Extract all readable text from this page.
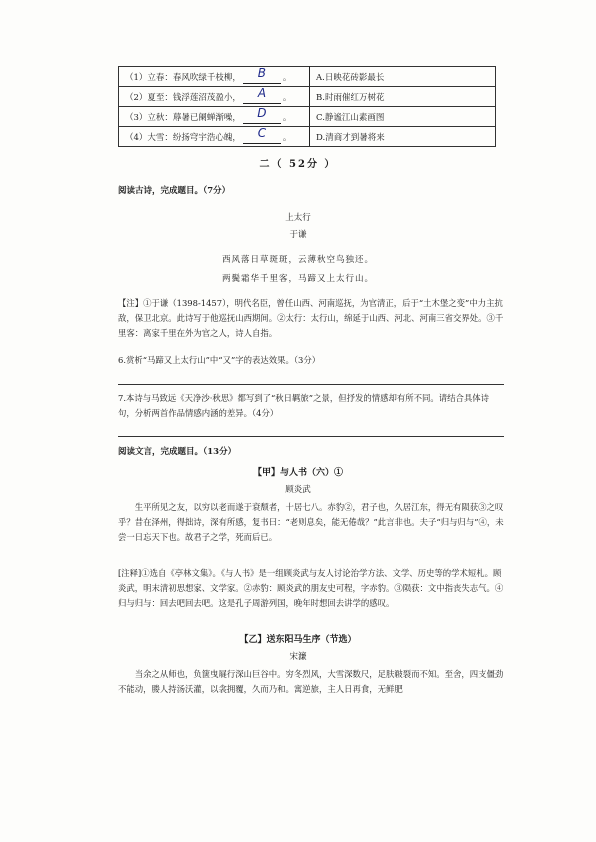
（1）立春：春风吹绿千枝柳， B 。	A.日映花砖影最长
（2）夏至：钱浮莲沼茂盈小， A 。	B.时雨催红万树花
（3）立秋：蓐暑已阑蝉渐噪， D 。	C.静谧江山素画图
（4）大雪：纷扬穹宇浩心魄， C 。	D.清商才到暑将来
二（ 52分 ）
阅读古诗，完成题目。（7分）
上太行
于谦
西风落日草斑斑，云薄秋空鸟独还。
两鬓霜华千里客，马蹄又上太行山。
【注】①于谦（1398-1457），明代名臣，曾任山西、河南巡抚，为官清正，后于“土木堡之变”中力主抗敌，保卫北京。此诗写于他巡抚山西期间。②太行：太行山，绵延于山西、河北、河南三省交界处。③千里客：离家千里在外为官之人，诗人自指。
6.赏析“马蹄又上太行山”中“又”字的表达效果。（3分）
7.本诗与马致远《天净沙·秋思》都写到了“秋日羁旅”之景，但抒发的情感却有所不同。请结合具体诗句，分析两首作品情感内涵的差异。（4分）
阅读文言，完成题目。（13分）
【甲】与人书（六）①
顾炎武
生平所见之友，以穷以老而遂于衰颓者，十居七八。赤豹②，君子也，久居江东，得无有陨获③之叹乎？昔在泽州，得拙诗，深有所感，复书曰：“老则息矣，能无倦哉？”此言非也。夫子“归与归与”④，未尝一日忘天下也。故君子之学，死而后已。
[注释]①选自《亭林文集》。《与人书》是一组顾炎武与友人讨论治学方法、文学、历史等的学术短札。顾炎武，明末清初思想家、文学家。②赤豹：顾炎武的朋友史可程，字赤豹。③陨获：文中指丧失志气。④归与归与：回去吧回去吧。这是孔子周游列国，晚年时想回去讲学的感叹。
【乙】送东阳马生序（节选）
宋濂
当余之从师也，负箧曳屣行深山巨谷中。穷冬烈风，大雪深数尺，足肤皲裂而不知。至舍，四支僵劲不能动，媵人持汤沃灌，以衾拥覆，久而乃和。寓逆旅，主人日再食，无鲜肥
